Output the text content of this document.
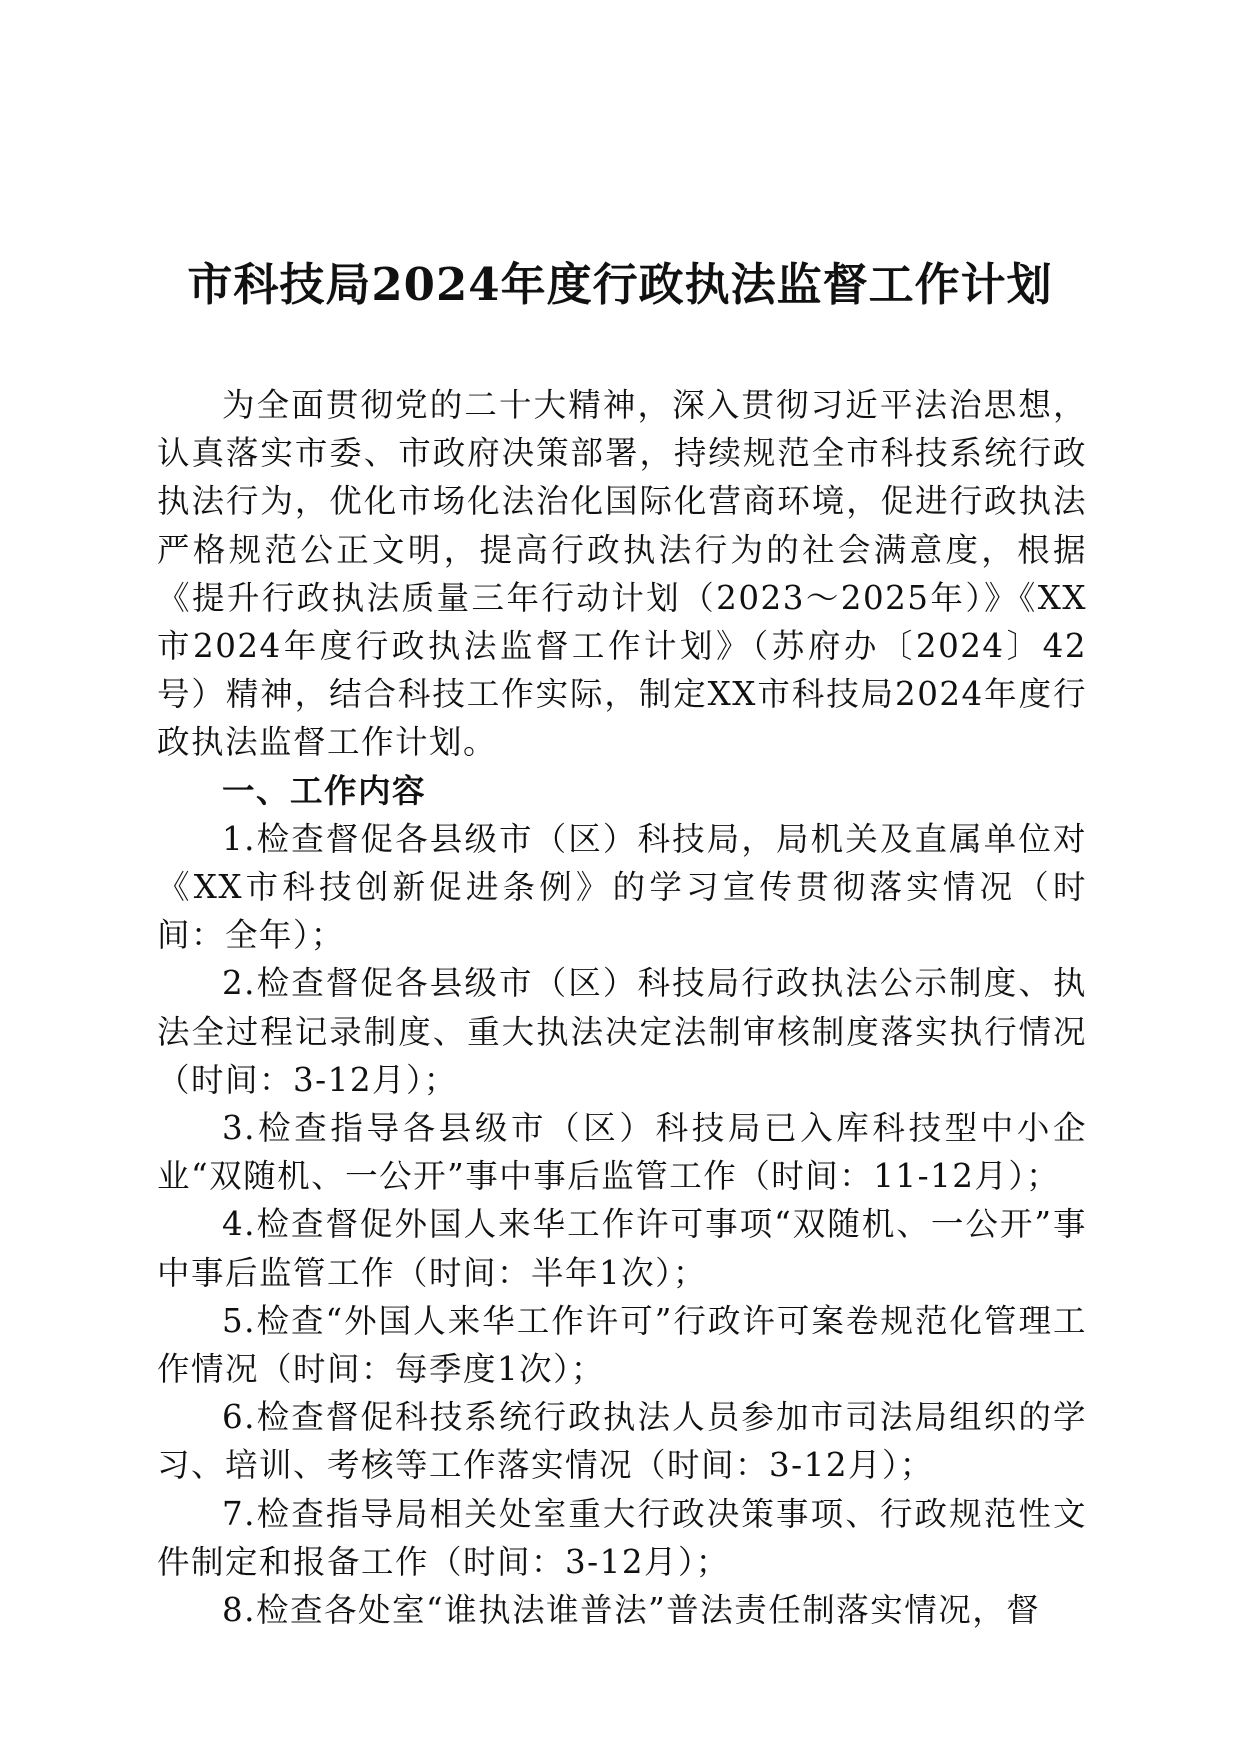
市科技局2024年度行政执法监督工作计划

为全面贯彻党的二十大精神，深入贯彻习近平法治思想，认真落实市委、市政府决策部署，持续规范全市科技系统行政执法行为，优化市场化法治化国际化营商环境，促进行政执法严格规范公正文明，提高行政执法行为的社会满意度，根据《提升行政执法质量三年行动计划（2023～2025年）》《XX市2024年度行政执法监督工作计划》（苏府办〔2024〕42号）精神，结合科技工作实际，制定XX市科技局2024年度行政执法监督工作计划。

一、工作内容

1.检查督促各县级市（区）科技局，局机关及直属单位对《XX市科技创新促进条例》的学习宣传贯彻落实情况（时间：全年）；

2.检查督促各县级市（区）科技局行政执法公示制度、执法全过程记录制度、重大执法决定法制审核制度落实执行情况（时间：3-12月）；

3.检查指导各县级市（区）科技局已入库科技型中小企业“双随机、一公开”事中事后监管工作（时间：11-12月）；

4.检查督促外国人来华工作许可事项“双随机、一公开”事中事后监管工作（时间：半年1次）；

5.检查“外国人来华工作许可”行政许可案卷规范化管理工作情况（时间：每季度1次）；

6.检查督促科技系统行政执法人员参加市司法局组织的学习、培训、考核等工作落实情况（时间：3-12月）；

7.检查指导局相关处室重大行政决策事项、行政规范性文件制定和报备工作（时间：3-12月）；

8.检查各处室“谁执法谁普法”普法责任制落实情况，督
